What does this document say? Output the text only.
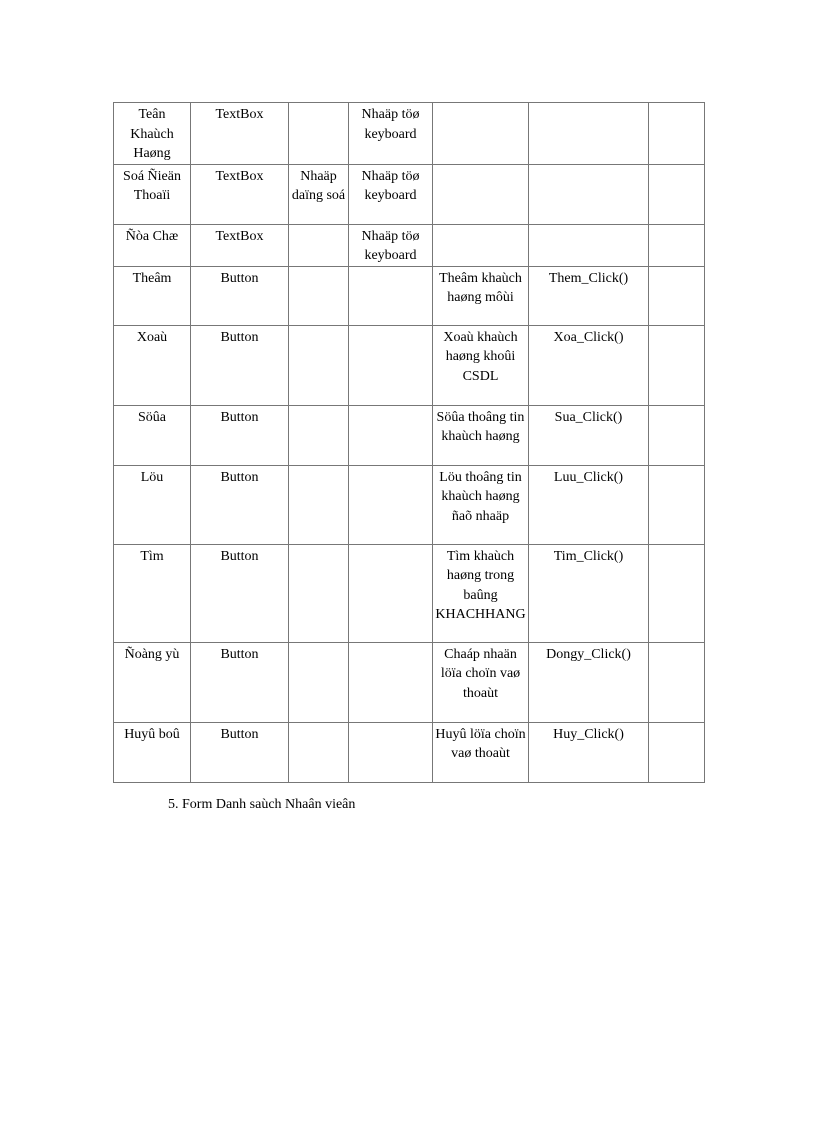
Teân Khaùch Haøng	TextBox		Nhaäp töø keyboard			
Soá Ñieän Thoaïi	TextBox	Nhaäp daïng soá	Nhaäp töø keyboard			
Ñòa Chæ	TextBox		Nhaäp töø keyboard			
Theâm	Button			Theâm khaùch haøng môùi	Them_Click()	
Xoaù	Button			Xoaù khaùch haøng khoûi CSDL	Xoa_Click()	
Söûa	Button			Söûa thoâng tin khaùch haøng	Sua_Click()	
Löu	Button			Löu thoâng tin khaùch haøng ñaõ nhaäp	Luu_Click()	
Tìm	Button			Tìm khaùch haøng trong baûng KHACHHANG	Tim_Click()	
Ñoàng yù	Button			Chaáp nhaän löïa choïn vaø thoaùt	Dongy_Click()	
Huyû boû	Button			Huyû löïa choïn vaø thoaùt	Huy_Click()	
5. Form Danh saùch Nhaân vieân
